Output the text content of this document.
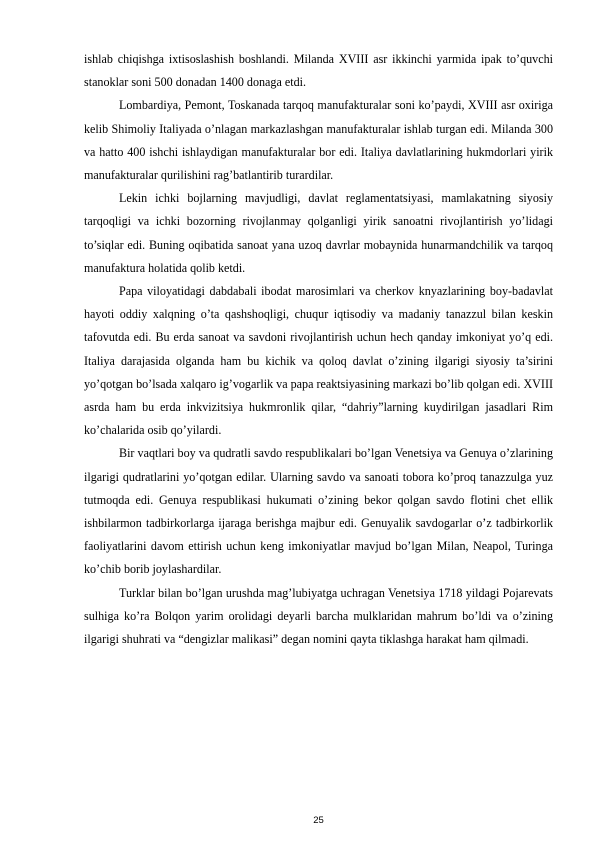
ishlab chiqishga ixtisoslashish boshlandi. Milanda XVIII asr ikkinchi yarmida ipak to’quvchi stanoklar soni 500 donadan 1400 donaga etdi.

Lombardiya, Pemont, Toskanada tarqoq manufakturalar soni ko’paydi, XVIII asr oxiriga kelib Shimoliy Italiyada o’nlagan markazlashgan manufakturalar ishlab turgan edi. Milanda 300 va hatto 400 ishchi ishlaydigan manufakturalar bor edi. Italiya davlatlarining hukmdorlari yirik manufakturalar qurilishini rag’batlantirib turardilar.

Lekin ichki bojlarning mavjudligi, davlat reglamentatsiyasi, mamlakatning siyosiy tarqoqligi va ichki bozorning rivojlanmay qolganligi yirik sanoatni rivojlantirish yo’lidagi to’siqlar edi. Buning oqibatida sanoat yana uzoq davrlar mobaynida hunarmandchilik va tarqoq manufaktura holatida qolib ketdi.

Papa viloyatidagi dabdabali ibodat marosimlari va cherkov knyazlarining boy-badavlat hayoti oddiy xalqning o’ta qashshoqligi, chuqur iqtisodiy va madaniy tanazzul bilan keskin tafovutda edi. Bu erda sanoat va savdoni rivojlantirish uchun hech qanday imkoniyat yo’q edi. Italiya darajasida olganda ham bu kichik va qoloq davlat o’zining ilgarigi siyosiy ta’sirini yo’qotgan bo’lsada xalqaro ig’vogarlik va papa reaktsiyasining markazi bo’lib qolgan edi. XVIII asrda ham bu erda inkvizitsiya hukmronlik qilar, “dahriy”larning kuydirilgan jasadlari Rim ko’chalarida osib qo’yilardi.

Bir vaqtlari boy va qudratli savdo respublikalari bo’lgan Venetsiya va Genuya o’zlarining ilgarigi qudratlarini yo’qotgan edilar. Ularning savdo va sanoati tobora ko’proq tanazzulga yuz tutmoqda edi. Genuya respublikasi hukumati o’zining bekor qolgan savdo flotini chet ellik ishbilarmon tadbirkorlarga ijaraga berishga majbur edi. Genuyalik savdogarlar o’z tadbirkorlik faoliyatlarini davom ettirish uchun keng imkoniyatlar mavjud bo’lgan Milan, Neapol, Turinga ko’chib borib joylashardilar.

Turklar bilan bo’lgan urushda mag’lubiyatga uchragan Venetsiya 1718 yildagi Pojarevats sulhiga ko’ra Bolqon yarim orolidagi deyarli barcha mulklaridan mahrum bo’ldi va o’zining ilgarigi shuhrati va “dengizlar malikasi” degan nomini qayta tiklashga harakat ham qilmadi.

25
